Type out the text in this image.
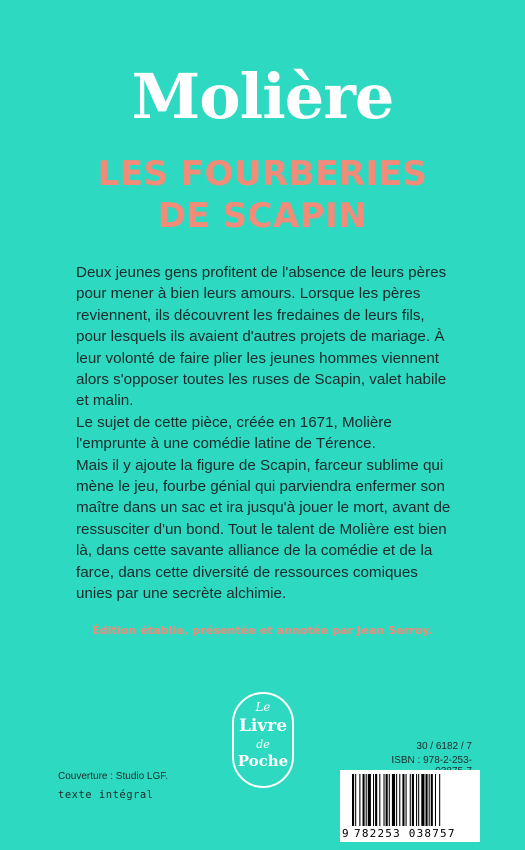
Molière
LES FOURBERIES
DE SCAPIN

Deux jeunes gens profitent de l'absence de leurs pères pour mener à bien leurs amours. Lorsque les pères reviennent, ils découvrent les fredaines de leurs fils, pour lesquels ils avaient d'autres projets de mariage. À leur volonté de faire plier les jeunes hommes viennent alors s'opposer toutes les ruses de Scapin, valet habile et malin.

Le sujet de cette pièce, créée en 1671, Molière l'emprunte à une comédie latine de Térence.

Mais il y ajoute la figure de Scapin, farceur sublime qui mène le jeu, fourbe génial qui parviendra enfermer son maître dans un sac et ira jusqu'à jouer le mort, avant de ressusciter d'un bond. Tout le talent de Molière est bien là, dans cette savante alliance de la comédie et de la farce, dans cette diversité de ressources comiques unies par une secrète alchimie.

Édition établie, présentée et annotée par Jean Serroy.
Le
Livre
de
Poche
Couverture : Studio LGF.
texte intégral
30 / 6182 / 7
ISBN : 978-2-253-
9 782253 038757
